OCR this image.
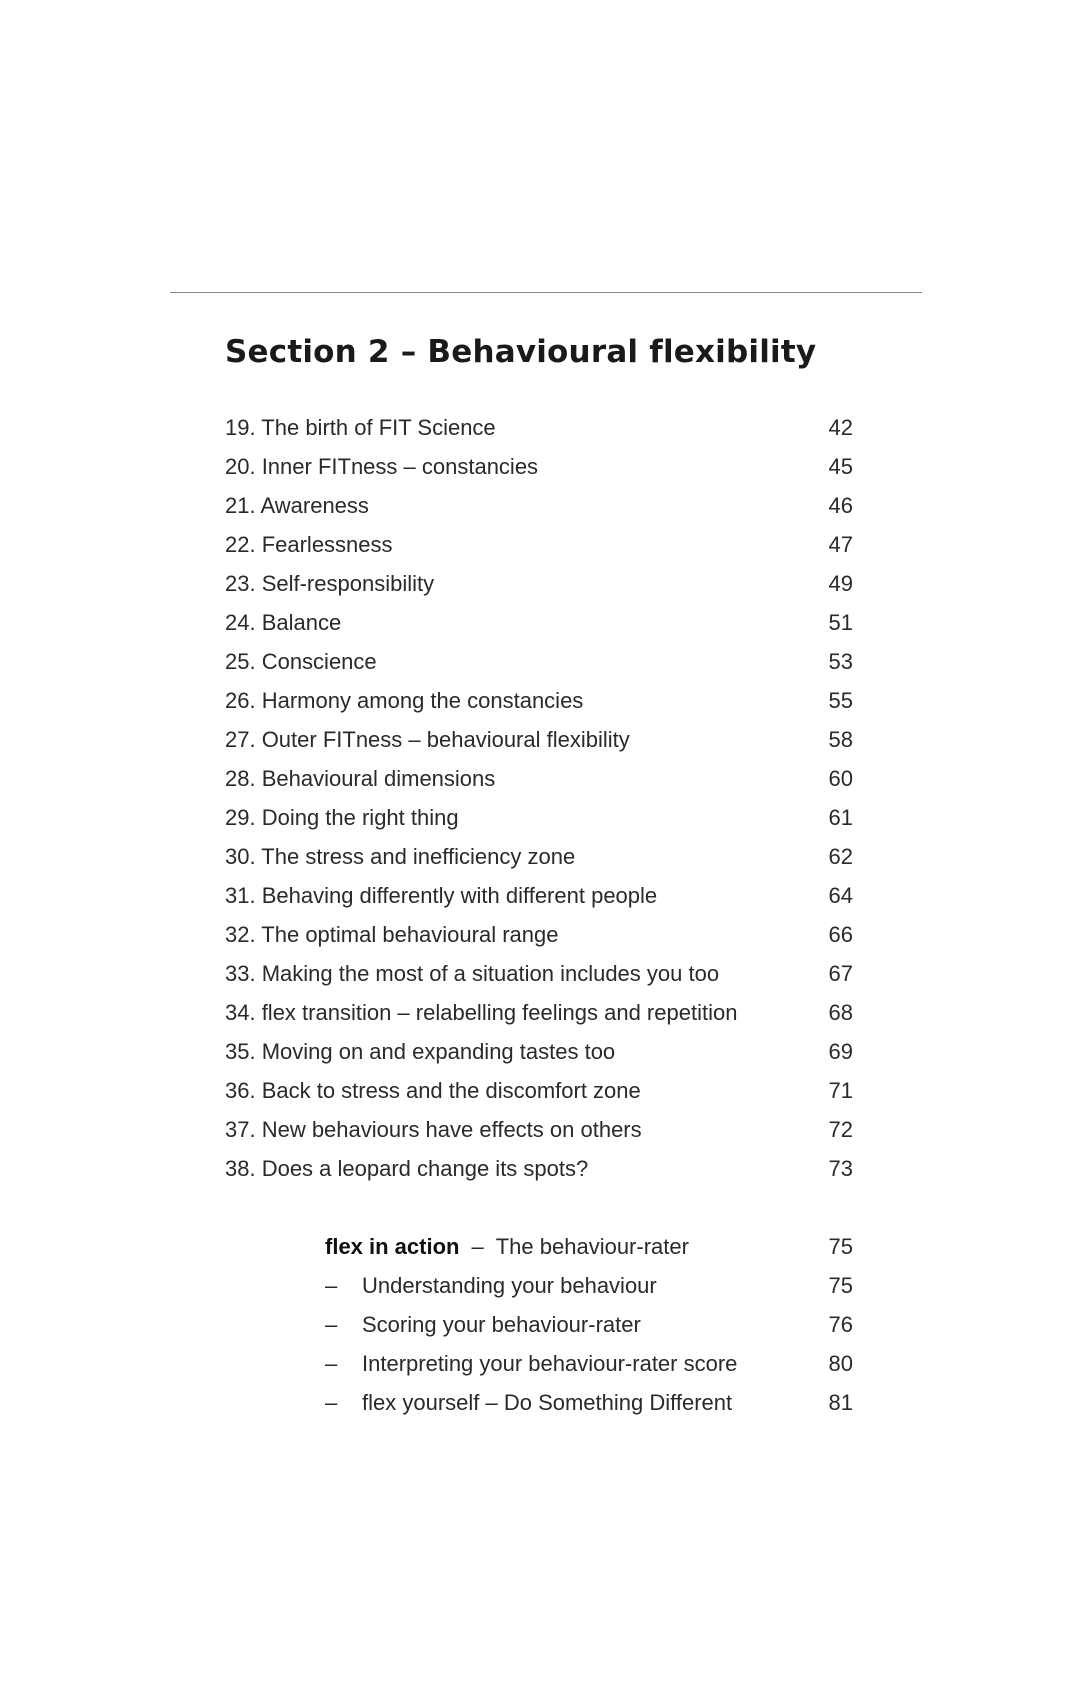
Section 2 – Behavioural flexibility
19. The birth of FIT Science	42
20. Inner FITness – constancies	45
21. Awareness	46
22. Fearlessness	47
23. Self-responsibility	49
24. Balance	51
25. Conscience	53
26. Harmony among the constancies	55
27. Outer FITness – behavioural flexibility	58
28. Behavioural dimensions	60
29. Doing the right thing	61
30. The stress and inefficiency zone	62
31. Behaving differently with different people	64
32. The optimal behavioural range	66
33. Making the most of a situation includes you too	67
34. flex transition – relabelling feelings and repetition	68
35. Moving on and expanding tastes too	69
36. Back to stress and the discomfort zone	71
37. New behaviours have effects on others	72
38. Does a leopard change its spots?	73
flex in action – The behaviour-rater	75
– Understanding your behaviour	75
– Scoring your behaviour-rater	76
– Interpreting your behaviour-rater score	80
– flex yourself – Do Something Different	81
